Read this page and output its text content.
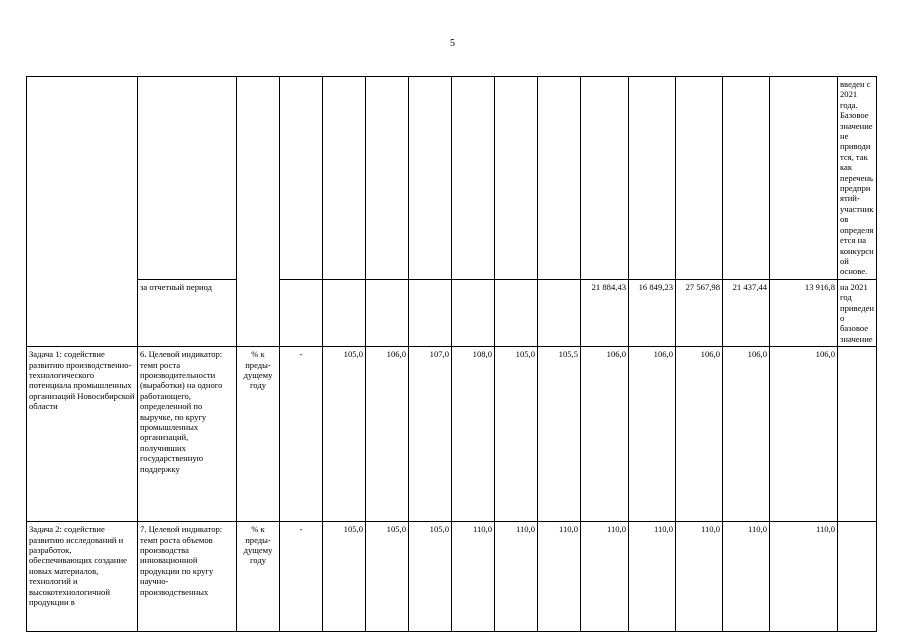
5
															введен с 2021 года. Базовое значение не приводится, так как перечень предприятий-участников определяется на конкурсной основе.
	за отчетный период									21 884,43	16 849,23	27 567,98	21 437,44	13 916,8	на 2021 год приведено базовое значение
Задача 1: содействие развитию производственно-технологического потенциала промышленных организаций Новосибирской области	6. Целевой индикатор: темп роста производительности (выработки) на одного работающего, определенной по выручке, по кругу промышленных организаций, получивших государственную поддержку	% к преды-дущему году	-	105,0	106,0	107,0	108,0	105,0	105,5	106,0	106,0	106,0	106,0	106,0	
Задача 2: содействие развитию исследований и разработок, обеспечивающих создание новых материалов, технологий и высокотехнологичной продукции в	7. Целевой индикатор: темп роста объемов производства инновационной продукции по кругу научно-производственных	% к преды-дущему году	-	105,0	105,0	105,0	110,0	110,0	110,0	110,0	110,0	110,0	110,0	110,0	
